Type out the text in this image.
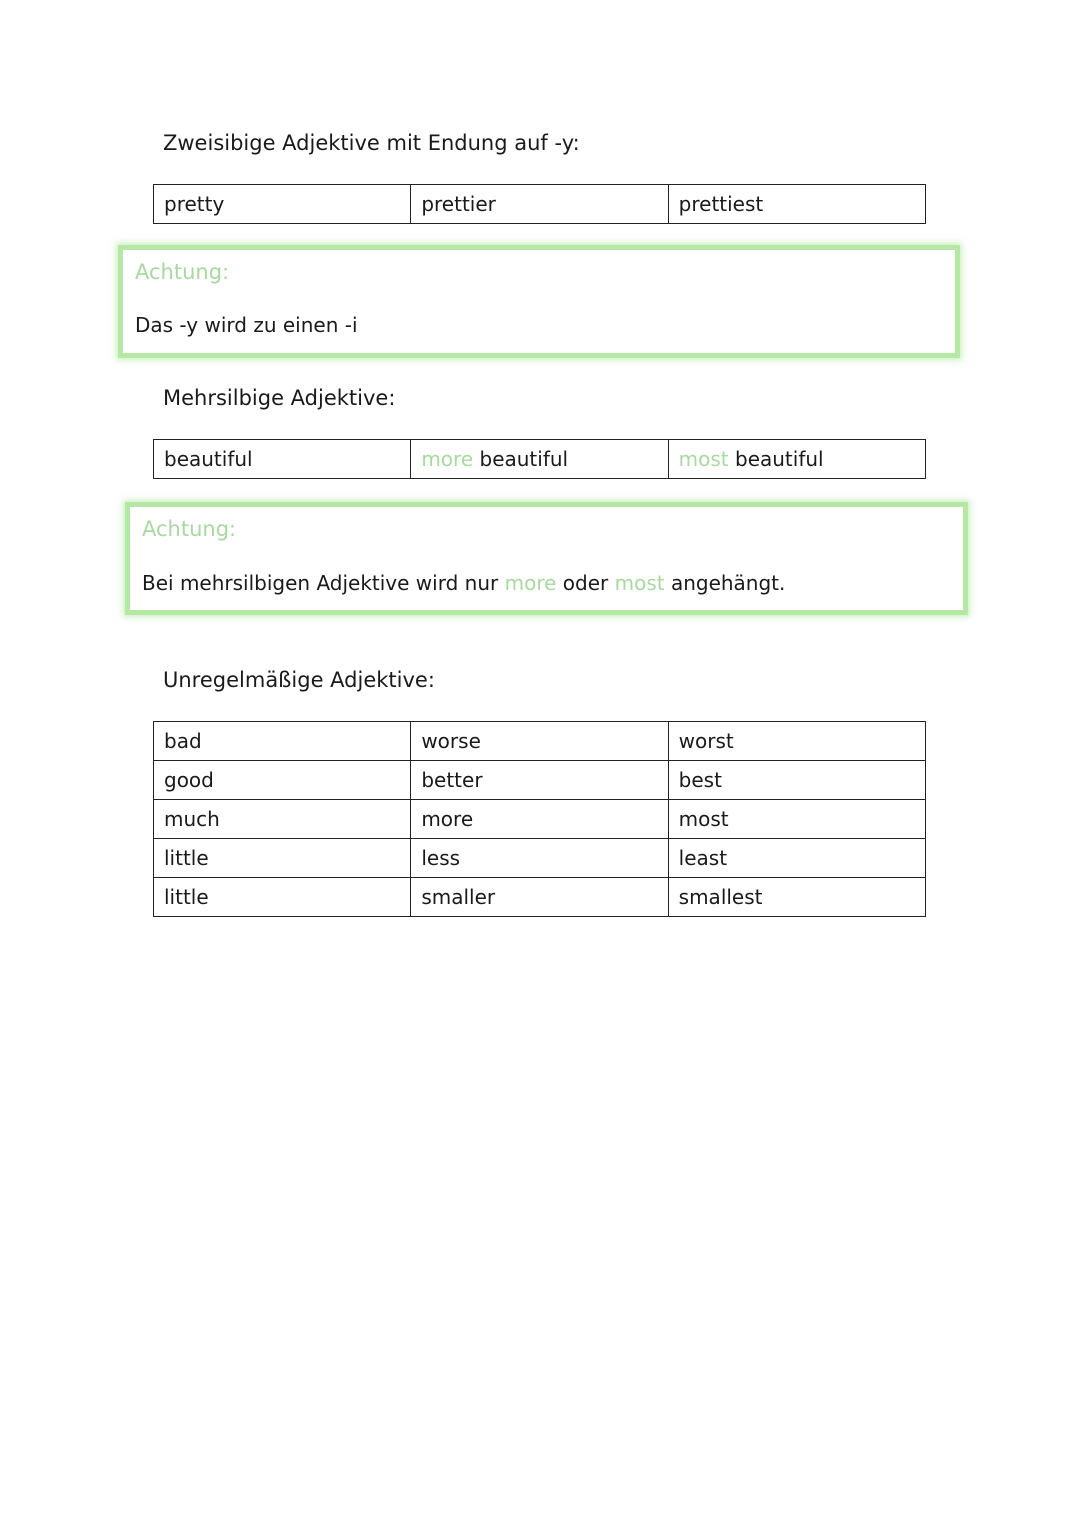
Zweisibige Adjektive mit Endung auf -y:
pretty	prettier	prettiest
Achtung:
Das -y wird zu einen -i
Mehrsilbige Adjektive:
beautiful	more beautiful	most beautiful
Achtung:
Bei mehrsilbigen Adjektive wird nur more oder most angehängt.
Unregelmäßige Adjektive:
bad	worse	worst
good	better	best
much	more	most
little	less	least
little	smaller	smallest
